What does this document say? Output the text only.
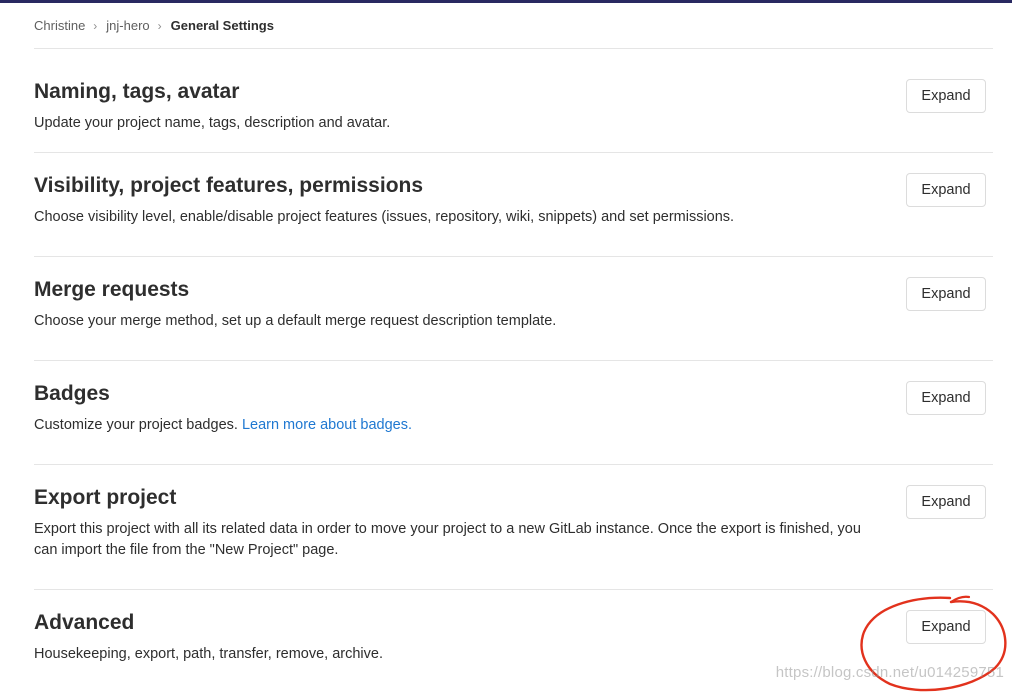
Christine › jnj-hero › General Settings
Naming, tags, avatar

Update your project name, tags, description and avatar.

Expand
Visibility, project features, permissions

Choose visibility level, enable/disable project features (issues, repository, wiki, snippets) and set permissions.

Expand
Merge requests

Choose your merge method, set up a default merge request description template.

Expand
Badges

Customize your project badges. Learn more about badges.

Expand
Export project

Export this project with all its related data in order to move your project to a new GitLab instance. Once the export is finished, you can import the file from the "New Project" page.

Expand
Advanced

Housekeeping, export, path, transfer, remove, archive.

Expand
https://blog.csdn.net/u014259751
